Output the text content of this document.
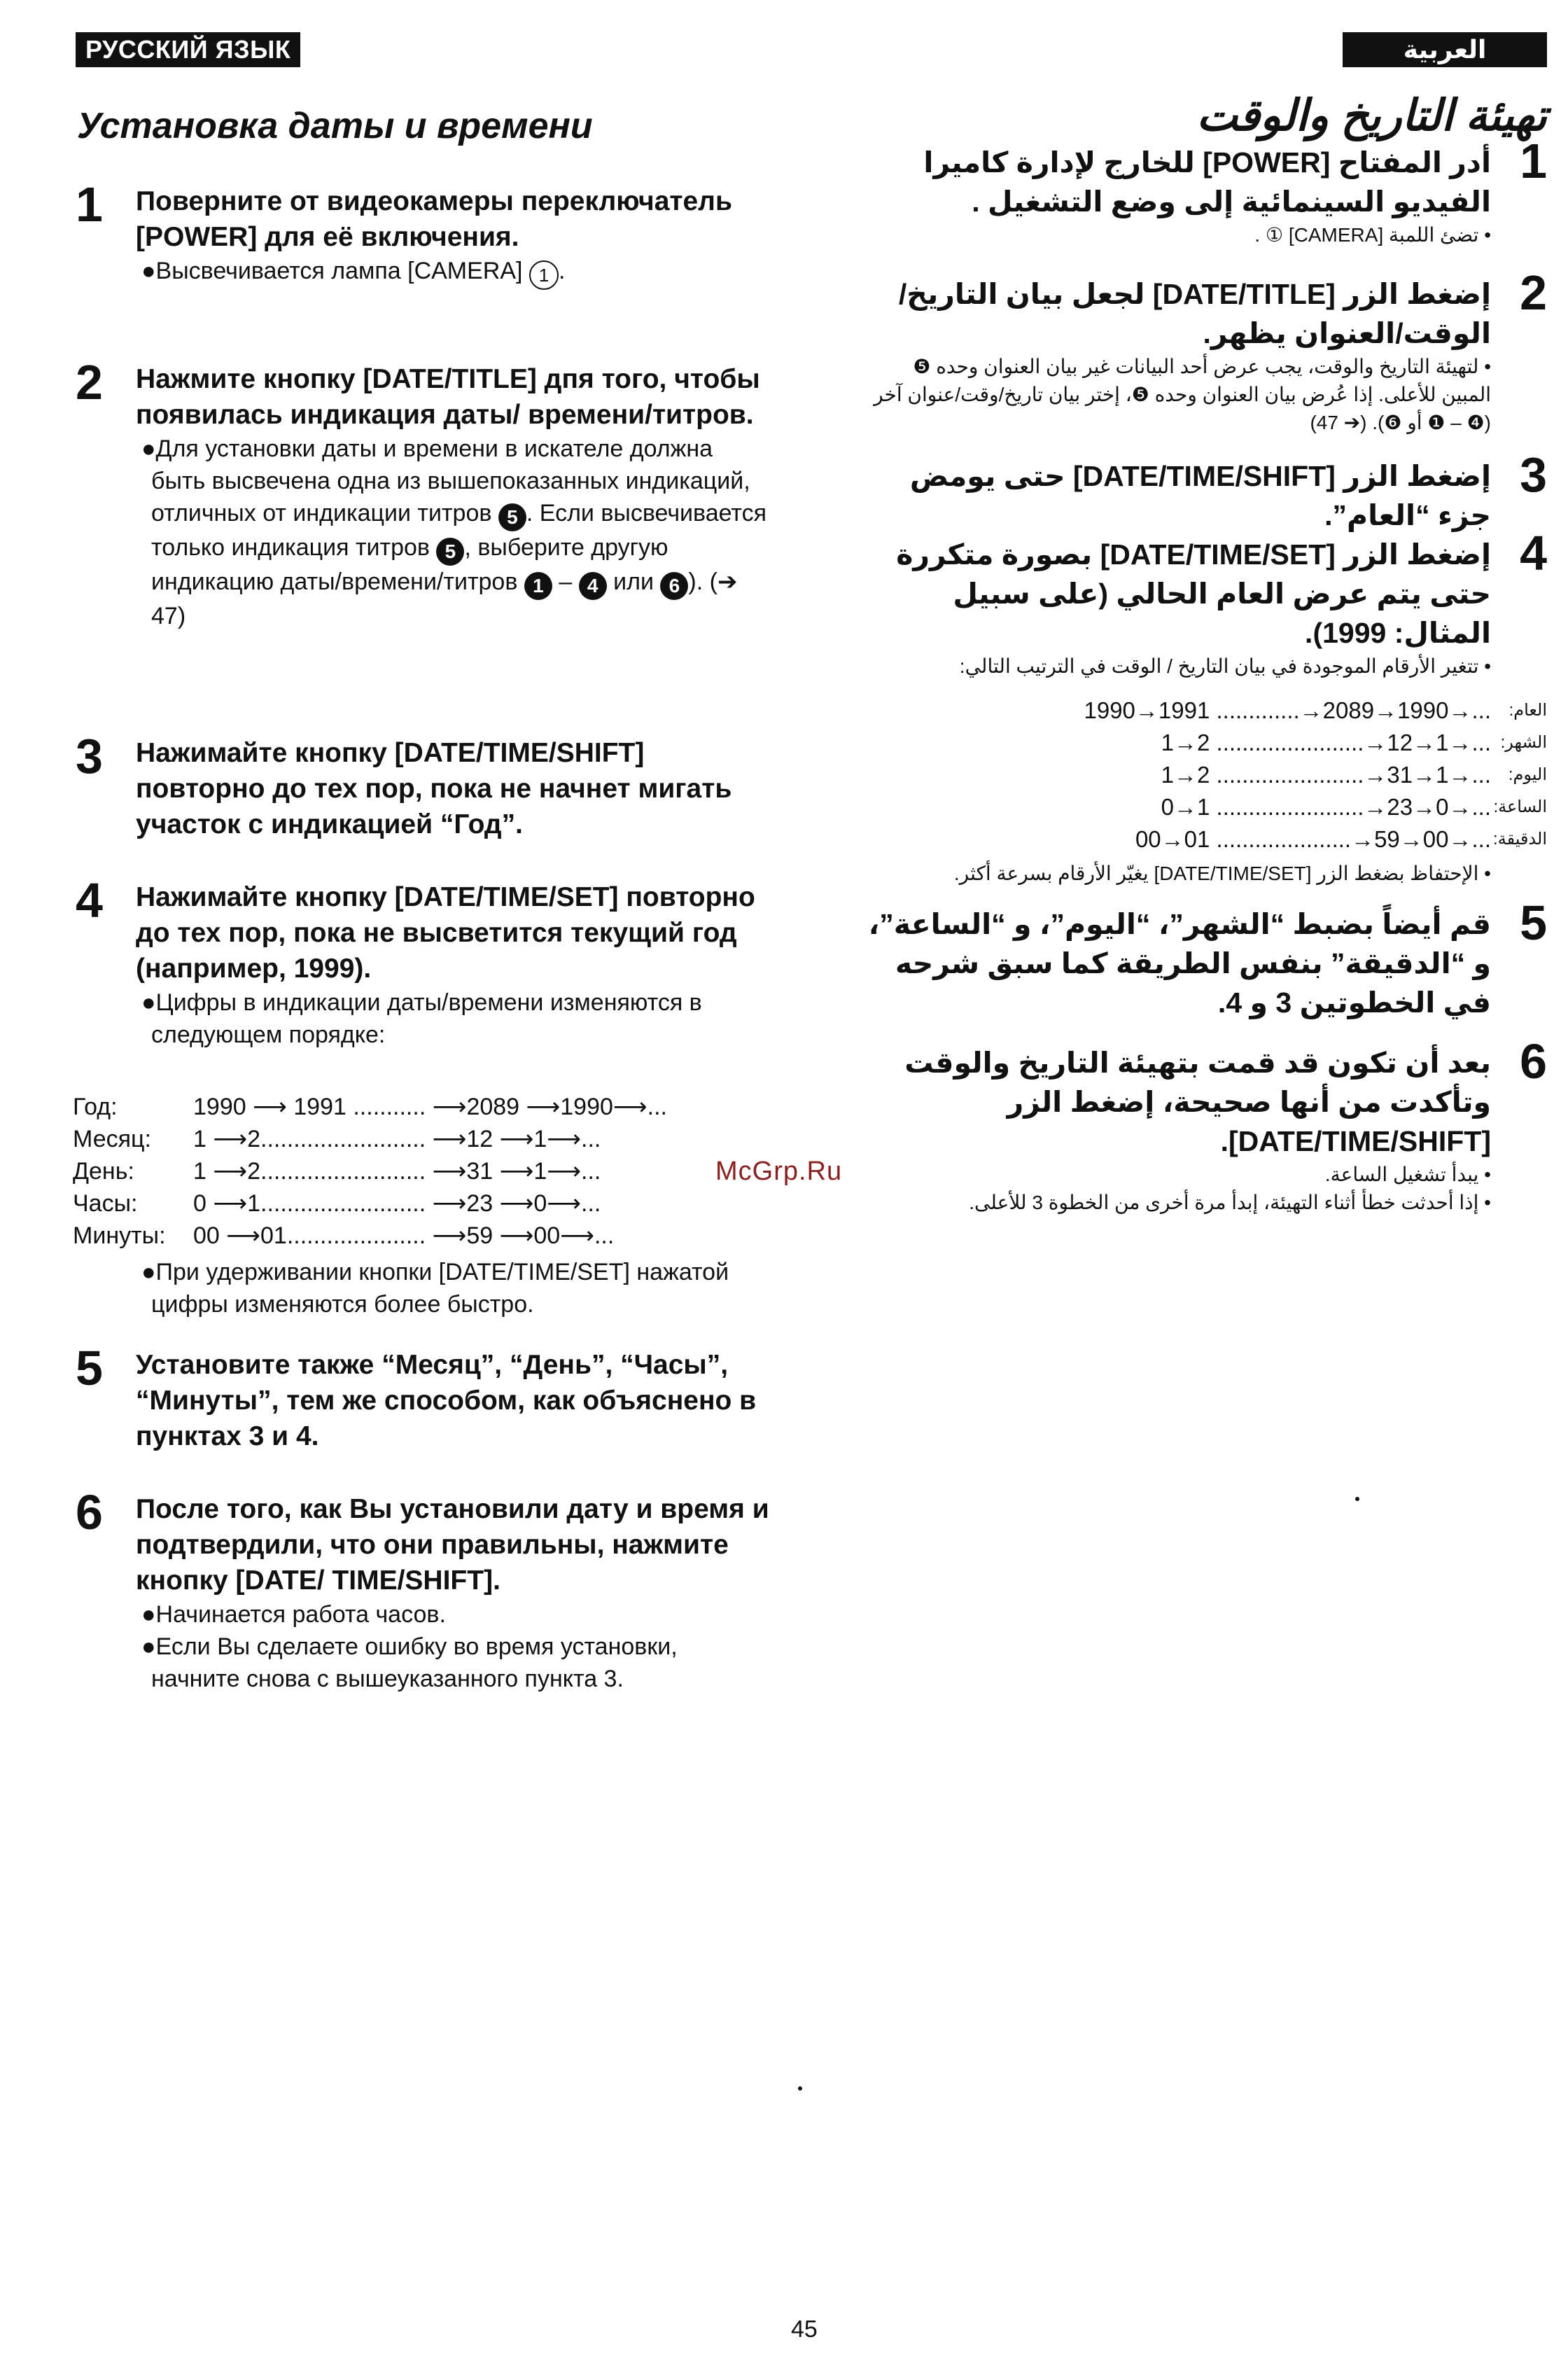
РУССКИЙ ЯЗЫК	العربية
Установка даты и времени
1 Поверните от видеокамеры переключатель [POWER] для её включения.
●Высвечивается лампа [CAMERA] 1 .
2 Нажмите кнопку [DATE/TITLE] дпя того, чтобы появилась индикация даты/ времени/титров.
●Для установки даты и времени в искателе должна быть высвечена одна из вышепоказанных индикаций, отличных от индикации титров 5 . Если высвечивается только индикация титров 5 , выберите другую индикацию даты/времени/титров 1 – 4 или 6 ). (➔ 47)
3 Нажимайте кнопку [DATE/TIME/SHIFT] повторно до тех пор, пока не начнет мигать участок с индикацией “Год”.
4 Нажимайте кнопку [DATE/TIME/SET] повторно до тех пор, пока не высветится текущий год (например, 1999).
●Цифры в индикации даты/времени изменяются в следующем порядке:
Год:	1990 ⟶ 1991 ........... ⟶2089 ⟶1990⟶...
Месяц:	1 ⟶2......................... ⟶12 ⟶1⟶...
День:	1 ⟶2......................... ⟶31 ⟶1⟶...
Часы:	0 ⟶1......................... ⟶23 ⟶0⟶...
Минуты:	00 ⟶01..................... ⟶59 ⟶00⟶...
●При удерживании кнопки [DATE/TIME/SET] нажатой цифры изменяются более быстро.
5 Установите также “Месяц”, “День”, “Часы”, “Минуты”, тем же способом, как объяснено в пунктах 3 и 4.
6 После того, как Вы установили дату и время и подтвердили, что они правильны, нажмите кнопку [DATE/ TIME/SHIFT].
●Начинается работа часов.
●Если Вы сделаете ошибку во время установки, начните снова с вышеуказанного пункта 3.
تهيئة التاريخ والوقت
1
أدر المفتاح [POWER] للخارج لإدارة كاميرا الفيديو السينمائية إلى وضع التشغيل .
• تضئ اللمبة [CAMERA] ① .
2
إضغط الزر [DATE/TITLE] لجعل بيان التاريخ/ الوقت/العنوان يظهر.
• لتهيئة التاريخ والوقت، يجب عرض أحد البيانات غير بيان العنوان وحده ❺ المبين للأعلى. إذا عُرض بيان العنوان وحده ❺، إختر بيان تاريخ/وقت/عنوان آخر (❹ – ❶ أو ❻). (➔ 47)
3
إضغط الزر [DATE/TIME/SHIFT] حتى يومض جزء “العام”.
4
إضغط الزر [DATE/TIME/SET] بصورة متكررة حتى يتم عرض العام الحالي (على سبيل المثال: 1999).
• تتغير الأرقام الموجودة في بيان التاريخ / الوقت في الترتيب التالي:
العام:
1990→1991 .............→2089→1990→...
الشهر:
1→2 .......................→12→1→...
اليوم:
1→2 .......................→31→1→...
الساعة:
0→1 .......................→23→0→...
الدقيقة:
00→01 .....................→59→00→...
• الإحتفاظ بضغط الزر [DATE/TIME/SET] يغيّر الأرقام بسرعة أكثر.
5
قم أيضاً بضبط “الشهر”، “اليوم”، و “الساعة”، و “الدقيقة” بنفس الطريقة كما سبق شرحه في الخطوتين 3 و 4.
6
بعد أن تكون قد قمت بتهيئة التاريخ والوقت وتأكدت من أنها صحيحة، إضغط الزر [DATE/TIME/SHIFT].
• يبدأ تشغيل الساعة.
• إذا أحدثت خطأ أثناء التهيئة، إبدأ مرة أخرى من الخطوة 3 للأعلى.
McGrp.Ru
45
